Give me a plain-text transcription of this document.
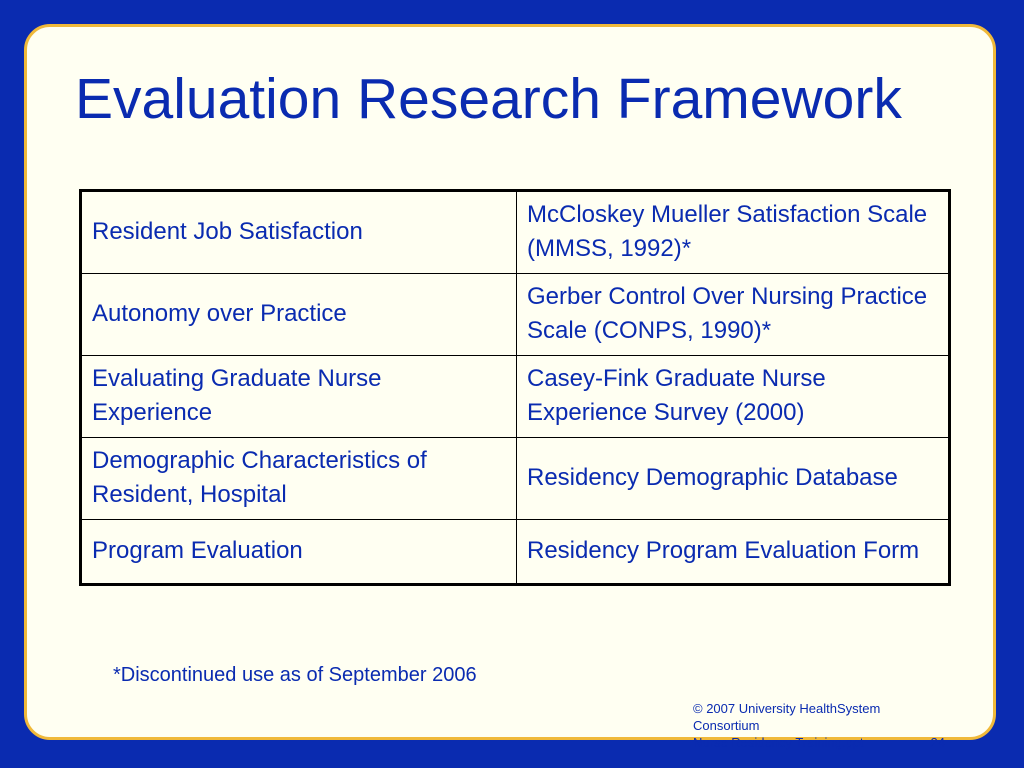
Evaluation Research Framework
Resident Job Satisfaction	McCloskey Mueller Satisfaction Scale (MMSS, 1992)*
Autonomy over Practice	Gerber Control Over Nursing Practice Scale (CONPS, 1990)*
Evaluating Graduate Nurse Experience	Casey-Fink Graduate Nurse Experience Survey (2000)
Demographic Characteristics of Resident, Hospital	Residency Demographic Database
Program Evaluation	Residency Program Evaluation Form
*Discontinued use as of September 2006
© 2007 University HealthSystem Consortium
Nurse Residency Training.ppt	24
